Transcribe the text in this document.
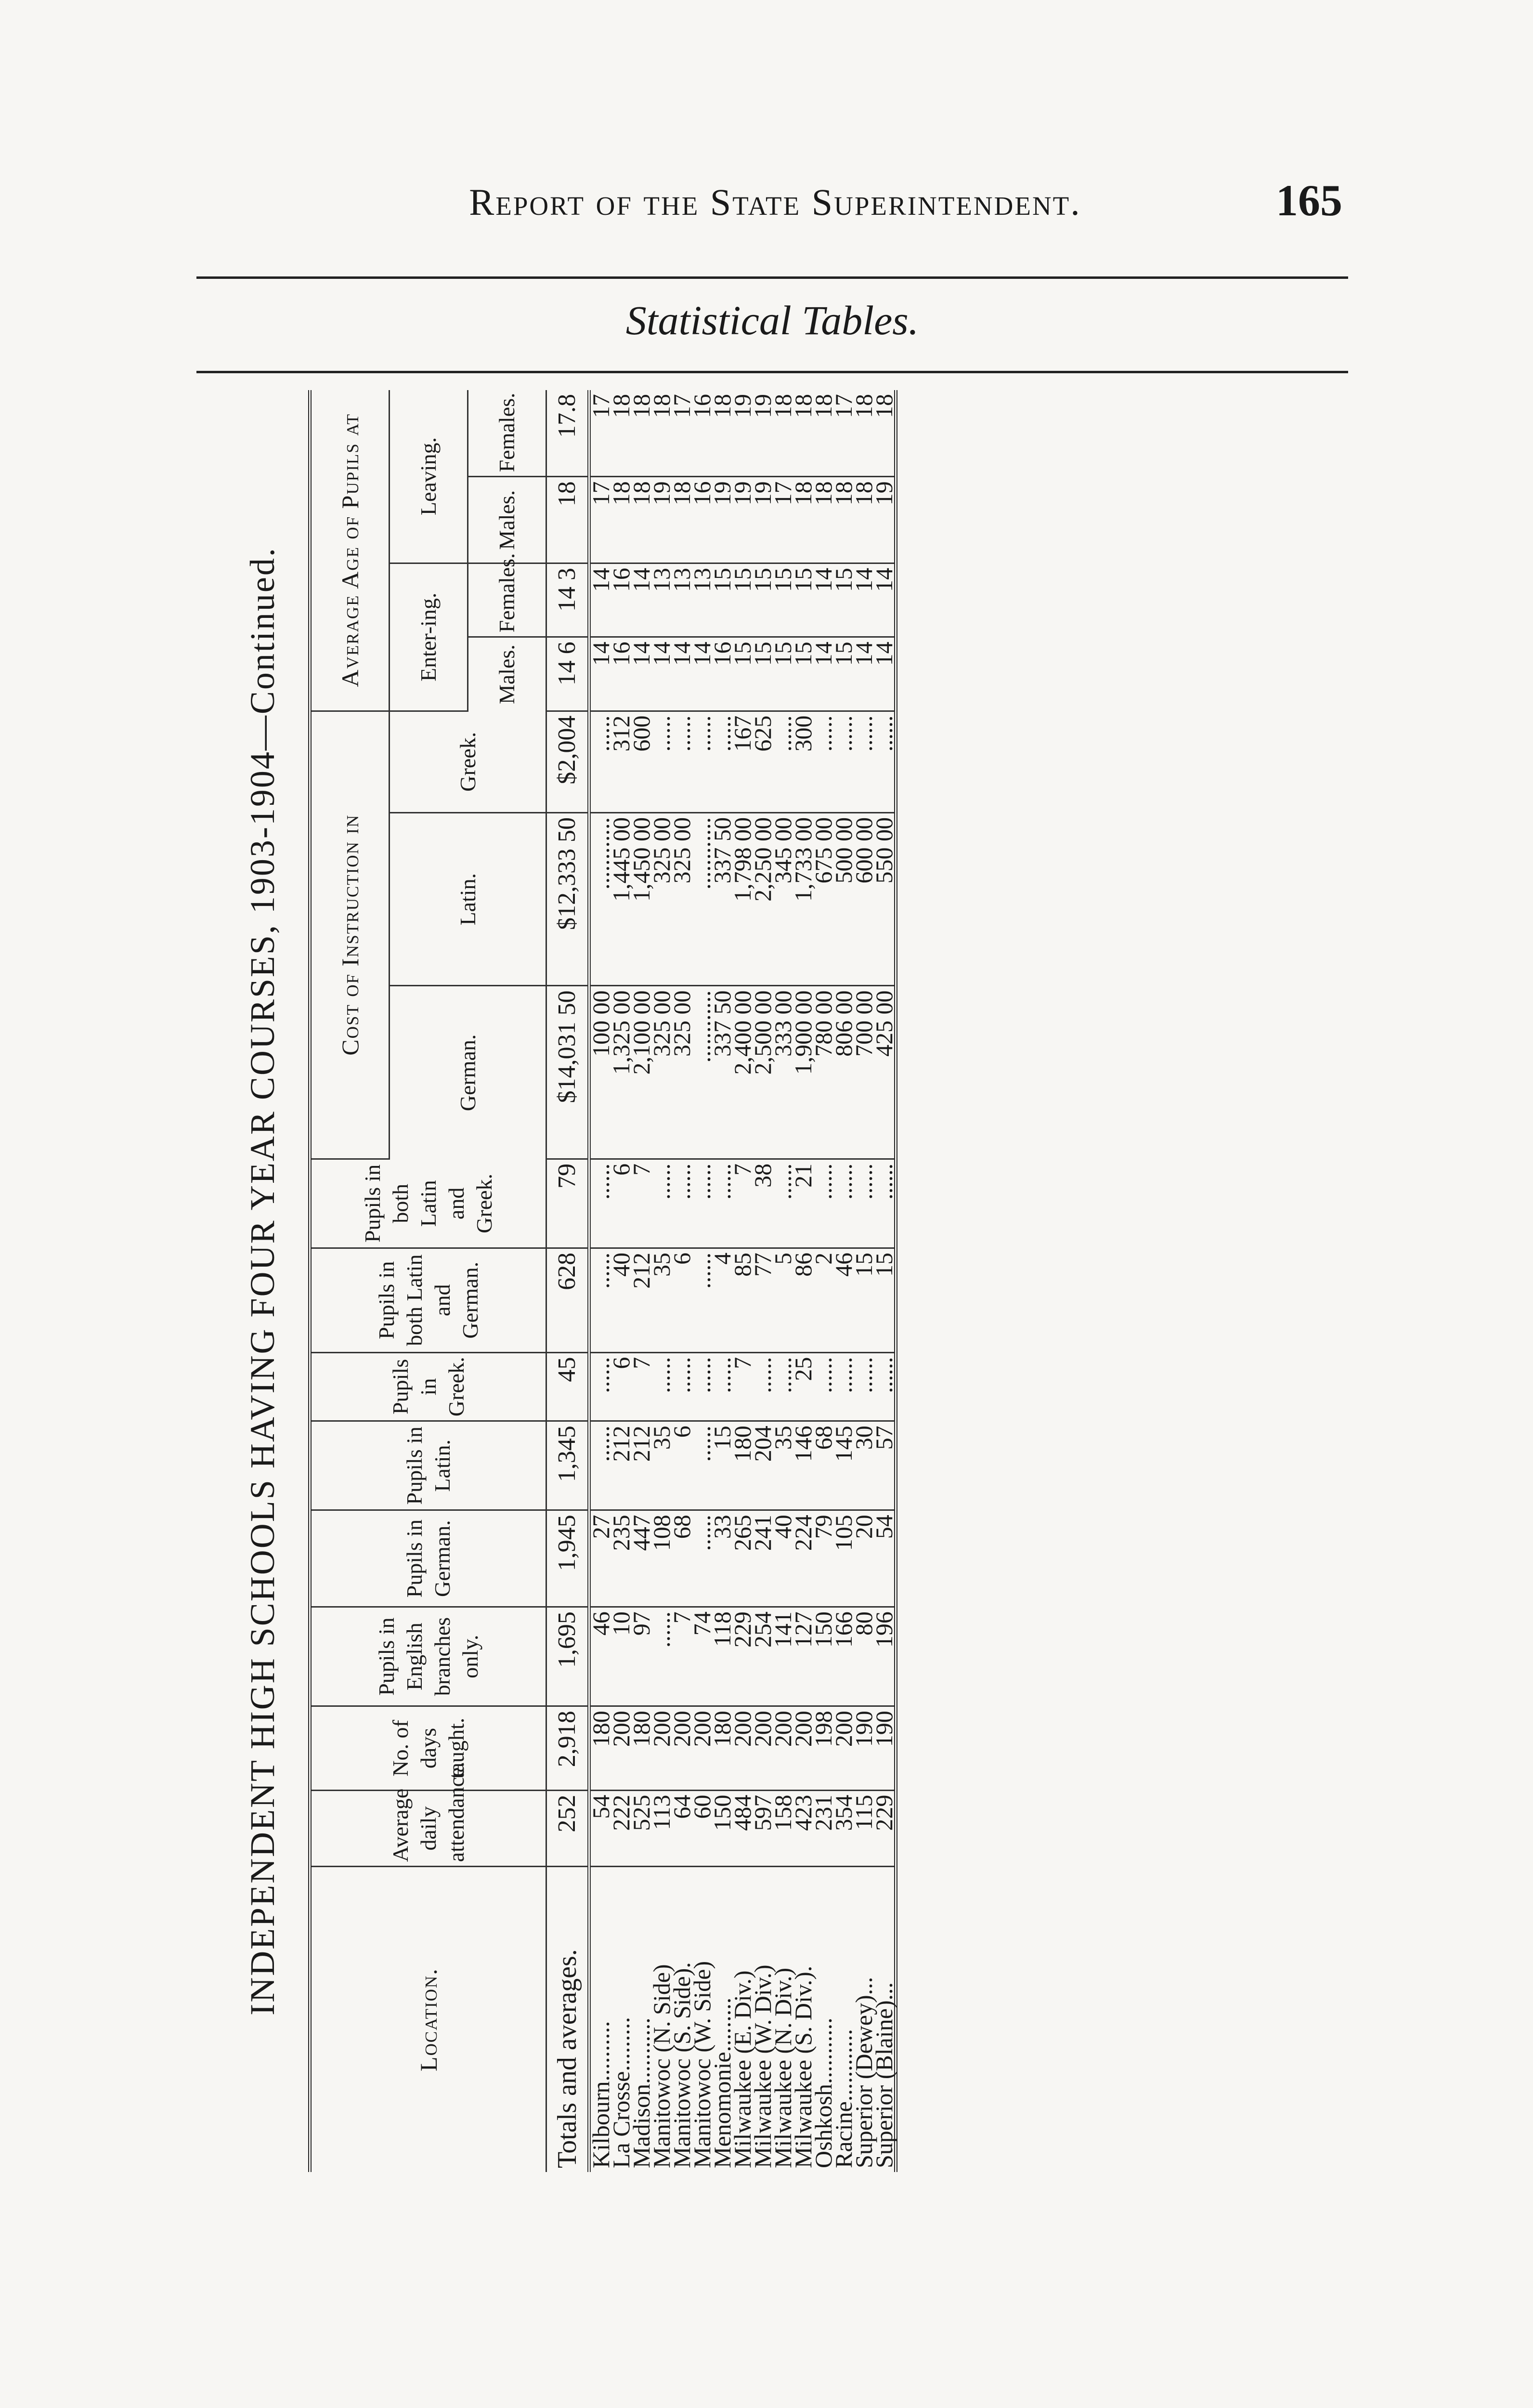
Report of the State Superintendent.	165
Statistical Tables.
INDEPENDENT HIGH SCHOOLS HAVING FOUR YEAR COURSES, 1903-1904—Continued.
Location.	Average daily attendance.	No. of days taught.	Pupils in English branches only.	Pupils in German.	Pupils in Latin.	Pupils in Greek.	Pupils in both Latin and German.	Pupils in both Latin and Greek.	Cost of Instruction in			Average Age of Pupils at			
									German.	Latin.	Greek.	Enter-ing.		Leaving.	
												Males.	Females.	Males.	Females.
Totals and averages.	252	2,918	1,695	1,945	1,345	45	628	79	$14,031 50	$12,333 50	$2,004	14 6	14 3	18	17.8
Kilbourn..........	54	180	46	27	......	......	......	......	100 00	............	......	14	14	17	17
La Crosse.........	222	200	10	235	212	6	40	6	1,325 00	1,445 00	312	16	16	18	18
Madison...........	525	180	97	447	212	7	212	7	2,100 00	1,450 00	600	14	14	18	18
Manitowoc (N. Side)	113	200	......	108	35	......	35	......	325 00	325 00	......	14	13	19	18
Manitowoc (S. Side).	64	200	7	68	6	......	6	......	325 00	325 00	......	14	13	18	17
Manitowoc (W. Side)	60	200	74	......	......	......	......	......	............	............	......	14	13	16	16
Menomonie.........	150	180	118	33	15	......	4	......	337 50	337 50	......	16	15	19	18
Milwaukee (E. Div.)	484	200	229	265	180	7	85	7	2,400 00	1,798 00	167	15	15	19	19
Milwaukee (W. Div.)	597	200	254	241	204	......	77	38	2,500 00	2,250 00	625	15	15	19	19
Milwaukee (N. Div.)	158	200	141	40	35	......	5	......	333 00	345 00	......	15	15	17	18
Milwaukee (S. Div.).	423	200	127	224	146	25	86	21	1,900 00	1,733 00	300	15	15	18	18
Oshkosh...........	231	198	150	79	68	......	2	......	780 00	675 00	......	14	14	18	18
Racine............	354	200	166	105	145	......	46	......	806 00	500 00	......	15	15	18	17
Superior (Dewey)...	115	190	80	20	30	......	15	......	700 00	600 00	......	14	14	18	18
Superior (Blaine)...	229	190	196	54	57	......	15	......	425 00	550 00	......	14	14	19	18
